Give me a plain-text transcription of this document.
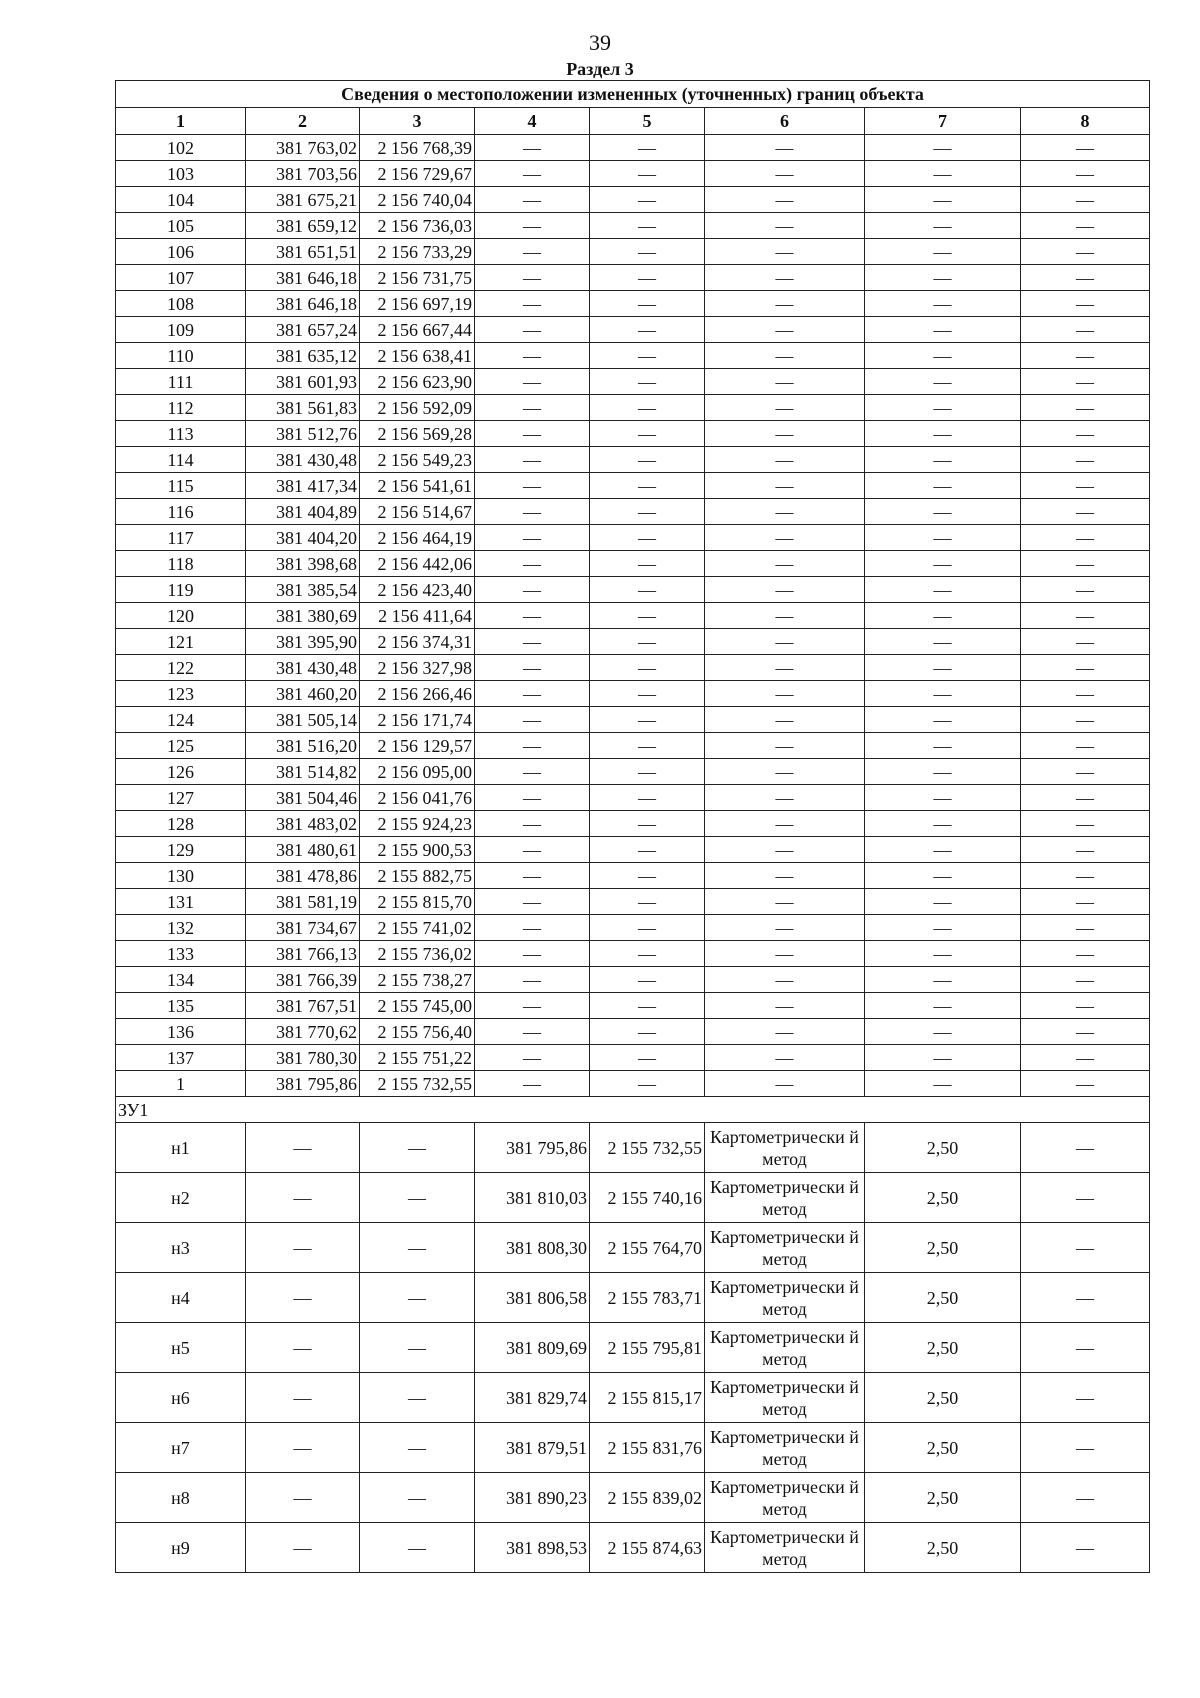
39
Раздел 3
Сведения о местоположении измененных (уточненных) границ объекта							
1	2	3	4	5	6	7	8
102	381 763,02	2 156 768,39	—	—	—	—	—
103	381 703,56	2 156 729,67	—	—	—	—	—
104	381 675,21	2 156 740,04	—	—	—	—	—
105	381 659,12	2 156 736,03	—	—	—	—	—
106	381 651,51	2 156 733,29	—	—	—	—	—
107	381 646,18	2 156 731,75	—	—	—	—	—
108	381 646,18	2 156 697,19	—	—	—	—	—
109	381 657,24	2 156 667,44	—	—	—	—	—
110	381 635,12	2 156 638,41	—	—	—	—	—
111	381 601,93	2 156 623,90	—	—	—	—	—
112	381 561,83	2 156 592,09	—	—	—	—	—
113	381 512,76	2 156 569,28	—	—	—	—	—
114	381 430,48	2 156 549,23	—	—	—	—	—
115	381 417,34	2 156 541,61	—	—	—	—	—
116	381 404,89	2 156 514,67	—	—	—	—	—
117	381 404,20	2 156 464,19	—	—	—	—	—
118	381 398,68	2 156 442,06	—	—	—	—	—
119	381 385,54	2 156 423,40	—	—	—	—	—
120	381 380,69	2 156 411,64	—	—	—	—	—
121	381 395,90	2 156 374,31	—	—	—	—	—
122	381 430,48	2 156 327,98	—	—	—	—	—
123	381 460,20	2 156 266,46	—	—	—	—	—
124	381 505,14	2 156 171,74	—	—	—	—	—
125	381 516,20	2 156 129,57	—	—	—	—	—
126	381 514,82	2 156 095,00	—	—	—	—	—
127	381 504,46	2 156 041,76	—	—	—	—	—
128	381 483,02	2 155 924,23	—	—	—	—	—
129	381 480,61	2 155 900,53	—	—	—	—	—
130	381 478,86	2 155 882,75	—	—	—	—	—
131	381 581,19	2 155 815,70	—	—	—	—	—
132	381 734,67	2 155 741,02	—	—	—	—	—
133	381 766,13	2 155 736,02	—	—	—	—	—
134	381 766,39	2 155 738,27	—	—	—	—	—
135	381 767,51	2 155 745,00	—	—	—	—	—
136	381 770,62	2 155 756,40	—	—	—	—	—
137	381 780,30	2 155 751,22	—	—	—	—	—
1	381 795,86	2 155 732,55	—	—	—	—	—
ЗУ1							
н1	—	—	381 795,86	2 155 732,55	Картометрически й метод	2,50	—
н2	—	—	381 810,03	2 155 740,16	Картометрически й метод	2,50	—
н3	—	—	381 808,30	2 155 764,70	Картометрически й метод	2,50	—
н4	—	—	381 806,58	2 155 783,71	Картометрически й метод	2,50	—
н5	—	—	381 809,69	2 155 795,81	Картометрически й метод	2,50	—
н6	—	—	381 829,74	2 155 815,17	Картометрически й метод	2,50	—
н7	—	—	381 879,51	2 155 831,76	Картометрически й метод	2,50	—
н8	—	—	381 890,23	2 155 839,02	Картометрически й метод	2,50	—
н9	—	—	381 898,53	2 155 874,63	Картометрически й метод	2,50	—
